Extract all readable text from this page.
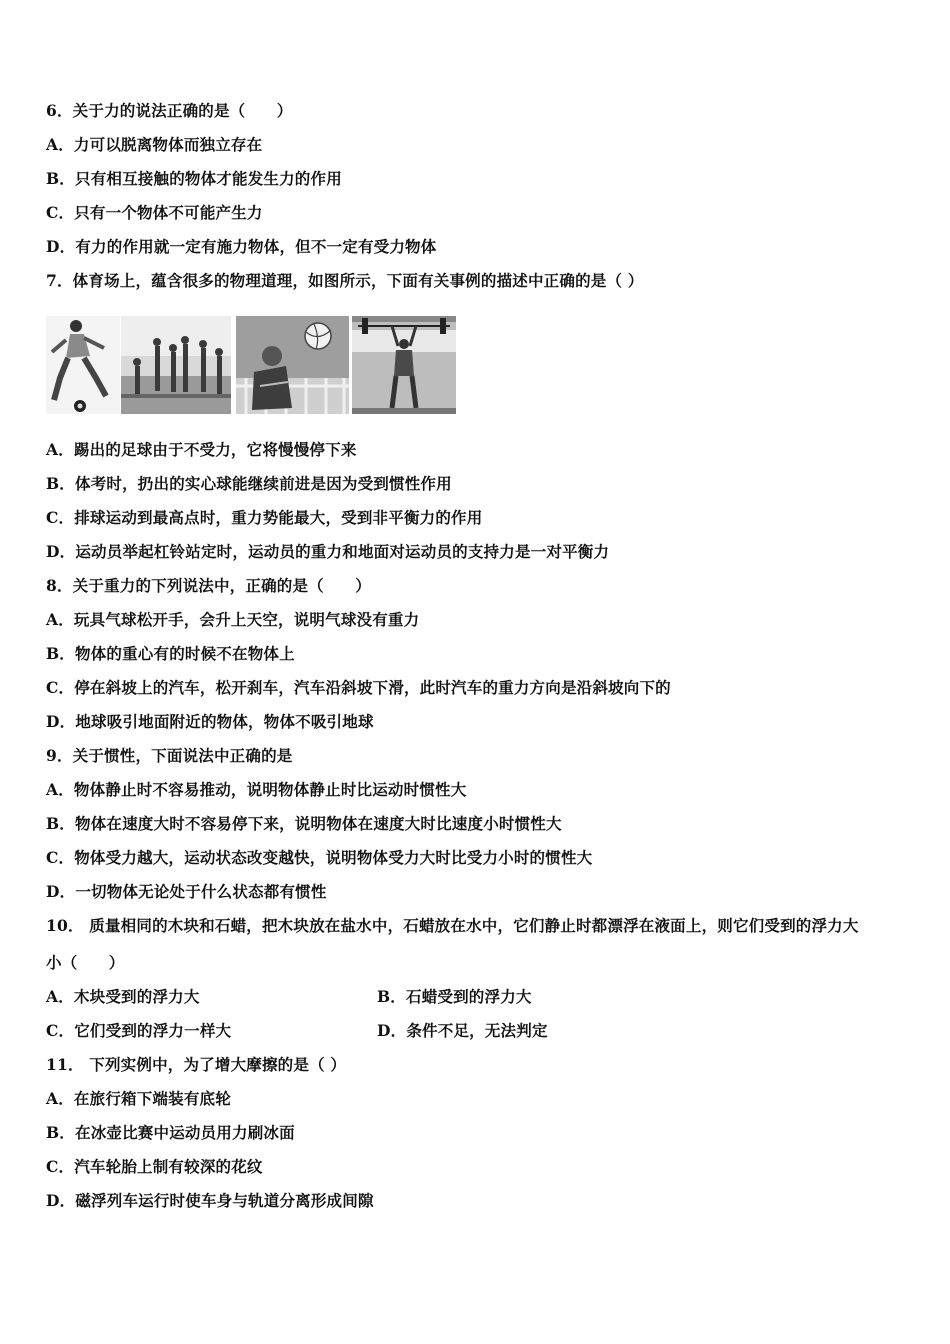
6．关于力的说法正确的是（　　）
A．力可以脱离物体而独立存在
B．只有相互接触的物体才能发生力的作用
C．只有一个物体不可能产生力
D．有力的作用就一定有施力物体，但不一定有受力物体
7．体育场上，蕴含很多的物理道理，如图所示，下面有关事例的描述中正确的是（ ）
A．踢出的足球由于不受力，它将慢慢停下来
B．体考时，扔出的实心球能继续前进是因为受到惯性作用
C．排球运动到最高点时，重力势能最大，受到非平衡力的作用
D．运动员举起杠铃站定时，运动员的重力和地面对运动员的支持力是一对平衡力
8．关于重力的下列说法中，正确的是（　　）
A．玩具气球松开手，会升上天空，说明气球没有重力
B．物体的重心有的时候不在物体上
C．停在斜坡上的汽车，松开刹车，汽车沿斜坡下滑，此时汽车的重力方向是沿斜坡向下的
D．地球吸引地面附近的物体，物体不吸引地球
9．关于惯性，下面说法中正确的是
A．物体静止时不容易推动，说明物体静止时比运动时惯性大
B．物体在速度大时不容易停下来，说明物体在速度大时比速度小时惯性大
C．物体受力越大，运动状态改变越快，说明物体受力大时比受力小时的惯性大
D．一切物体无论处于什么状态都有惯性
10． 质量相同的木块和石蜡，把木块放在盐水中，石蜡放在水中，它们静止时都漂浮在液面上，则它们受到的浮力大
小（　　）
A．木块受到的浮力大	B．石蜡受到的浮力大
C．它们受到的浮力一样大	D．条件不足，无法判定
11． 下列实例中，为了增大摩擦的是（ ）
A．在旅行箱下端装有底轮
B．在冰壶比赛中运动员用力刷冰面
C．汽车轮胎上制有较深的花纹
D．磁浮列车运行时使车身与轨道分离形成间隙
